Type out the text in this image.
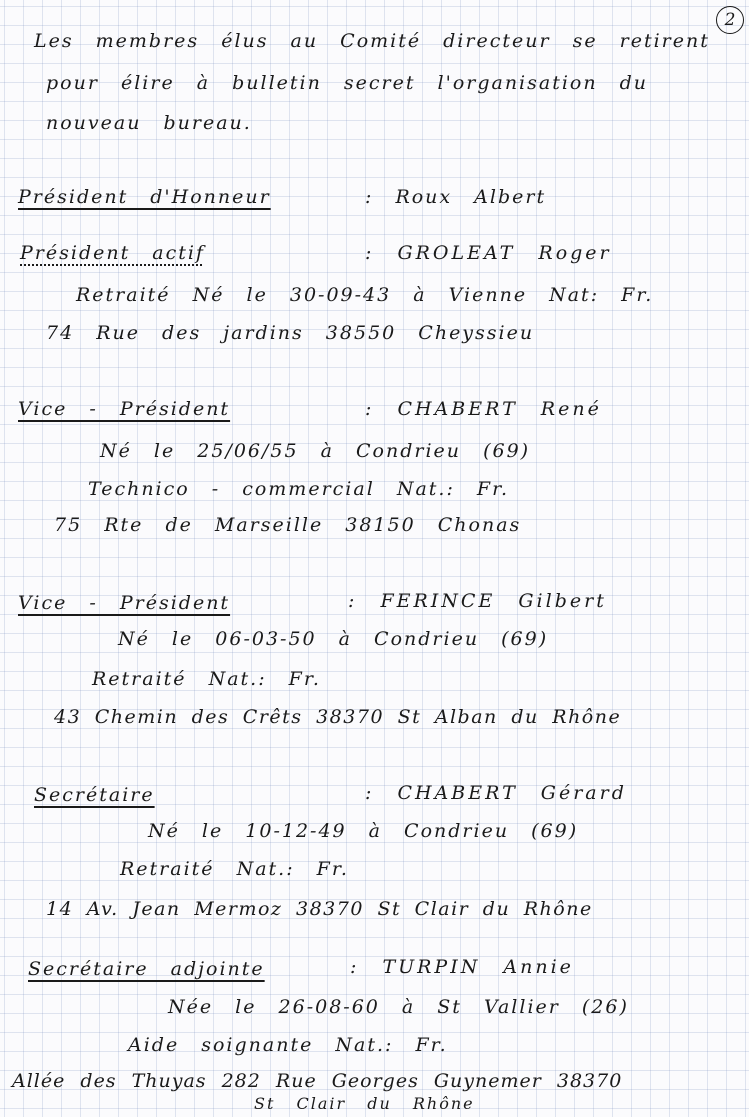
2
Les membres élus au Comité directeur se retirent
pour élire à bulletin secret l'organisation du
nouveau bureau.
Président d'Honneur	: Roux Albert
Président actif	: GROLEAT Roger
Retraité Né le 30-09-43 à Vienne Nat: Fr.
74 Rue des jardins 38550 Cheyssieu
Vice - Président	: CHABERT René
Né le 25/06/55 à Condrieu (69)
Technico - commercial Nat.: Fr.
75 Rte de Marseille 38150 Chonas
Vice - Président	: FERINCE Gilbert
Né le 06-03-50 à Condrieu (69)
Retraité Nat.: Fr.
43 Chemin des Crêts 38370 St Alban du Rhône
Secrétaire	: CHABERT Gérard
Né le 10-12-49 à Condrieu (69)
Retraité Nat.: Fr.
14 Av. Jean Mermoz 38370 St Clair du Rhône
Secrétaire adjointe	: TURPIN Annie
Née le 26-08-60 à St Vallier (26)
Aide soignante Nat.: Fr.
Allée des Thuyas 282 Rue Georges Guynemer 38370
St Clair du Rhône
